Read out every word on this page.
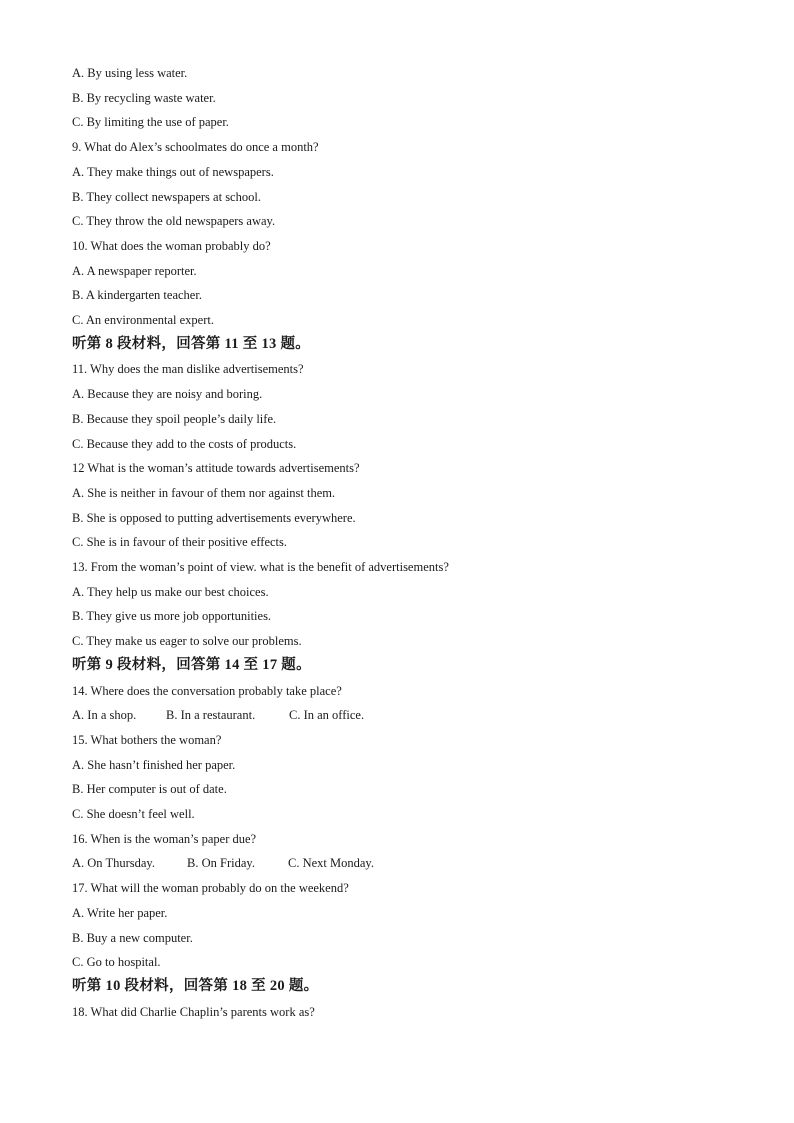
A. By using less water.
B. By recycling waste water.
C. By limiting the use of paper.
9. What do Alex’s schoolmates do once a month?
A. They make things out of newspapers.
B. They collect newspapers at school.
C. They throw the old newspapers away.
10. What does the woman probably do?
A. A newspaper reporter.
B. A kindergarten teacher.
C. An environmental expert.
听第 8 段材料，回答第 11 至 13 题。
11. Why does the man dislike advertisements?
A. Because they are noisy and boring.
B. Because they spoil people’s daily life.
C. Because they add to the costs of products.
12 What is the woman’s attitude towards advertisements?
A. She is neither in favour of them nor against them.
B. She is opposed to putting advertisements everywhere.
C. She is in favour of their positive effects.
13. From the woman’s point of view. what is the benefit of advertisements?
A. They help us make our best choices.
B. They give us more job opportunities.
C. They make us eager to solve our problems.
听第 9 段材料，回答第 14 至 17 题。
14. Where does the conversation probably take place?
A. In a shop. B. In a restaurant.	C. In an office.
15. What bothers the woman?
A. She hasn’t finished her paper.
B. Her computer is out of date.
C. She doesn’t feel well.
16. When is the woman’s paper due?
A. On Thursday.	B. On Friday.	C. Next Monday.
17. What will the woman probably do on the weekend?
A. Write her paper.
B. Buy a new computer.
C. Go to hospital.
听第 10 段材料，回答第 18 至 20 题。
18. What did Charlie Chaplin’s parents work as?
